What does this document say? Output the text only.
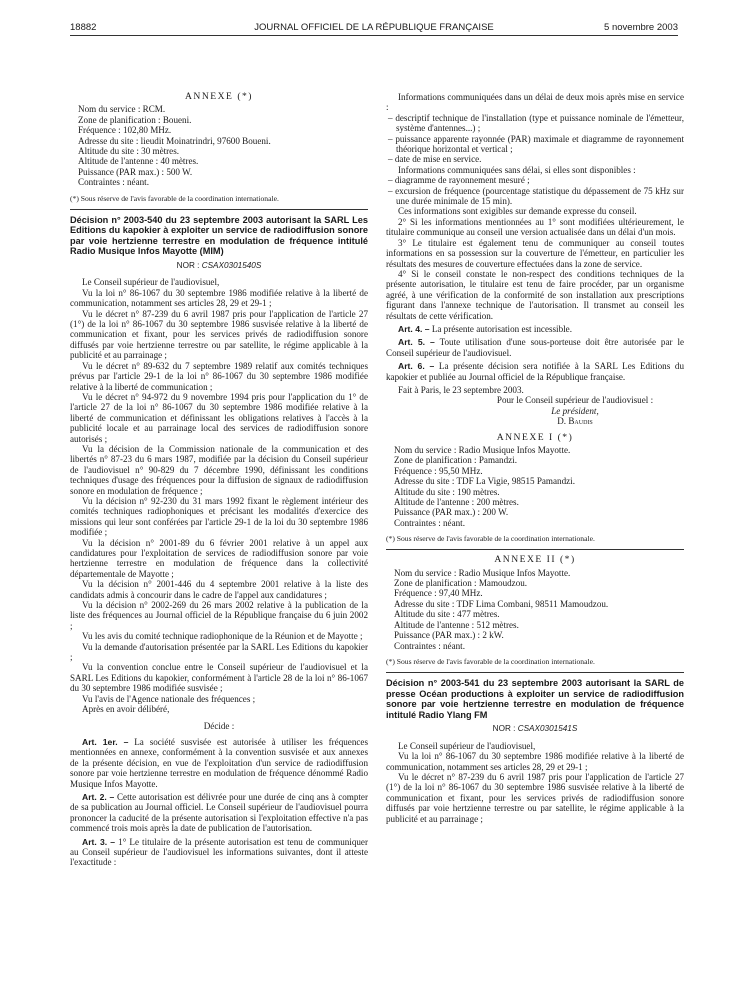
18882	JOURNAL OFFICIEL DE LA RÉPUBLIQUE FRANÇAISE	5 novembre 2003
ANNEXE (*)

Nom du service : RCM.

Zone de planification : Boueni.

Fréquence : 102,80 MHz.

Adresse du site : lieudit Moinatrindri, 97600 Boueni.

Altitude du site : 30 mètres.

Altitude de l'antenne : 40 mètres.

Puissance (PAR max.) : 500 W.

Contraintes : néant.

(*) Sous réserve de l'avis favorable de la coordination internationale.

Décision n° 2003-540 du 23 septembre 2003 autorisant la SARL Les Editions du kapokier à exploiter un service de radiodiffusion sonore par voie hertzienne terrestre en modulation de fréquence intitulé Radio Musique Infos Mayotte (MIM)
NOR : CSAX0301540S

Le Conseil supérieur de l'audiovisuel,

Vu la loi n° 86-1067 du 30 septembre 1986 modifiée relative à la liberté de communication, notamment ses articles 28, 29 et 29-1 ;

Vu le décret n° 87-239 du 6 avril 1987 pris pour l'application de l'article 27 (1°) de la loi n° 86-1067 du 30 septembre 1986 susvisée relative à la liberté de communication et fixant, pour les services privés de radiodiffusion sonore diffusés par voie hertzienne terrestre ou par satellite, le régime applicable à la publicité et au parrainage ;

Vu le décret n° 89-632 du 7 septembre 1989 relatif aux comités techniques prévus par l'article 29-1 de la loi n° 86-1067 du 30 septembre 1986 modifiée relative à la liberté de communication ;

Vu le décret n° 94-972 du 9 novembre 1994 pris pour l'application du 1° de l'article 27 de la loi n° 86-1067 du 30 septembre 1986 modifiée relative à la liberté de communication et définissant les obligations relatives à l'accès à la publicité locale et au parrainage local des services de radiodiffusion sonore autorisés ;

Vu la décision de la Commission nationale de la communication et des libertés n° 87-23 du 6 mars 1987, modifiée par la décision du Conseil supérieur de l'audiovisuel n° 90-829 du 7 décembre 1990, définissant les conditions techniques d'usage des fréquences pour la diffusion de signaux de radiodiffusion sonore en modulation de fréquence ;

Vu la décision n° 92-230 du 31 mars 1992 fixant le règlement intérieur des comités techniques radiophoniques et précisant les modalités d'exercice des missions qui leur sont conférées par l'article 29-1 de la loi du 30 septembre 1986 modifiée ;

Vu la décision n° 2001-89 du 6 février 2001 relative à un appel aux candidatures pour l'exploitation de services de radiodiffusion sonore par voie hertzienne terrestre en modulation de fréquence dans la collectivité départementale de Mayotte ;

Vu la décision n° 2001-446 du 4 septembre 2001 relative à la liste des candidats admis à concourir dans le cadre de l'appel aux candidatures ;

Vu la décision n° 2002-269 du 26 mars 2002 relative à la publication de la liste des fréquences au Journal officiel de la République française du 6 juin 2002 ;

Vu les avis du comité technique radiophonique de la Réunion et de Mayotte ;

Vu la demande d'autorisation présentée par la SARL Les Editions du kapokier ;

Vu la convention conclue entre le Conseil supérieur de l'audiovisuel et la SARL Les Editions du kapokier, conformément à l'article 28 de la loi n° 86-1067 du 30 septembre 1986 modifiée susvisée ;

Vu l'avis de l'Agence nationale des fréquences ;

Après en avoir délibéré,

Décide :

Art. 1er. – La société susvisée est autorisée à utiliser les fréquences mentionnées en annexe, conformément à la convention susvisée et aux annexes de la présente décision, en vue de l'exploitation d'un service de radiodiffusion sonore par voie hertzienne terrestre en modulation de fréquence dénommé Radio Musique Infos Mayotte.

Art. 2. – Cette autorisation est délivrée pour une durée de cinq ans à compter de sa publication au Journal officiel. Le Conseil supérieur de l'audiovisuel pourra prononcer la caducité de la présente autorisation si l'exploitation effective n'a pas commencé trois mois après la date de publication de l'autorisation.

Art. 3. – 1° Le titulaire de la présente autorisation est tenu de communiquer au Conseil supérieur de l'audiovisuel les informations suivantes, dont il atteste l'exactitude :

Informations communiquées dans un délai de deux mois après mise en service :

– descriptif technique de l'installation (type et puissance nominale de l'émetteur, système d'antennes...) ;

– puissance apparente rayonnée (PAR) maximale et diagramme de rayonnement théorique horizontal et vertical ;

– date de mise en service.

Informations communiquées sans délai, si elles sont disponibles :

– diagramme de rayonnement mesuré ;

– excursion de fréquence (pourcentage statistique du dépassement de 75 kHz sur une durée minimale de 15 min).

Ces informations sont exigibles sur demande expresse du conseil.

2° Si les informations mentionnées au 1° sont modifiées ultérieurement, le titulaire communique au conseil une version actualisée dans un délai d'un mois.

3° Le titulaire est également tenu de communiquer au conseil toutes informations en sa possession sur la couverture de l'émetteur, en particulier les résultats des mesures de couverture effectuées dans la zone de service.

4° Si le conseil constate le non-respect des conditions techniques de la présente autorisation, le titulaire est tenu de faire procéder, par un organisme agréé, à une vérification de la conformité de son installation aux prescriptions figurant dans l'annexe technique de l'autorisation. Il transmet au conseil les résultats de cette vérification.

Art. 4. – La présente autorisation est incessible.

Art. 5. – Toute utilisation d'une sous-porteuse doit être autorisée par le Conseil supérieur de l'audiovisuel.

Art. 6. – La présente décision sera notifiée à la SARL Les Editions du kapokier et publiée au Journal officiel de la République française.

Fait à Paris, le 23 septembre 2003.

Pour le Conseil supérieur de l'audiovisuel :

Le président,

D. Baudis

ANNEXE I (*)

Nom du service : Radio Musique Infos Mayotte.

Zone de planification : Pamandzi.

Fréquence : 95,50 MHz.

Adresse du site : TDF La Vigie, 98515 Pamandzi.

Altitude du site : 190 mètres.

Altitude de l'antenne : 200 mètres.

Puissance (PAR max.) : 200 W.

Contraintes : néant.

(*) Sous réserve de l'avis favorable de la coordination internationale.

ANNEXE II (*)

Nom du service : Radio Musique Infos Mayotte.

Zone de planification : Mamoudzou.

Fréquence : 97,40 MHz.

Adresse du site : TDF Lima Combani, 98511 Mamoudzou.

Altitude du site : 477 mètres.

Altitude de l'antenne : 512 mètres.

Puissance (PAR max.) : 2 kW.

Contraintes : néant.

(*) Sous réserve de l'avis favorable de la coordination internationale.

Décision n° 2003-541 du 23 septembre 2003 autorisant la SARL de presse Océan productions à exploiter un service de radiodiffusion sonore par voie hertzienne terrestre en modulation de fréquence intitulé Radio Ylang FM
NOR : CSAX0301541S

Le Conseil supérieur de l'audiovisuel,

Vu la loi n° 86-1067 du 30 septembre 1986 modifiée relative à la liberté de communication, notamment ses articles 28, 29 et 29-1 ;

Vu le décret n° 87-239 du 6 avril 1987 pris pour l'application de l'article 27 (1°) de la loi n° 86-1067 du 30 septembre 1986 susvisée relative à la liberté de communication et fixant, pour les services privés de radiodiffusion sonore diffusés par voie hertzienne terrestre ou par satellite, le régime applicable à la publicité et au parrainage ;
